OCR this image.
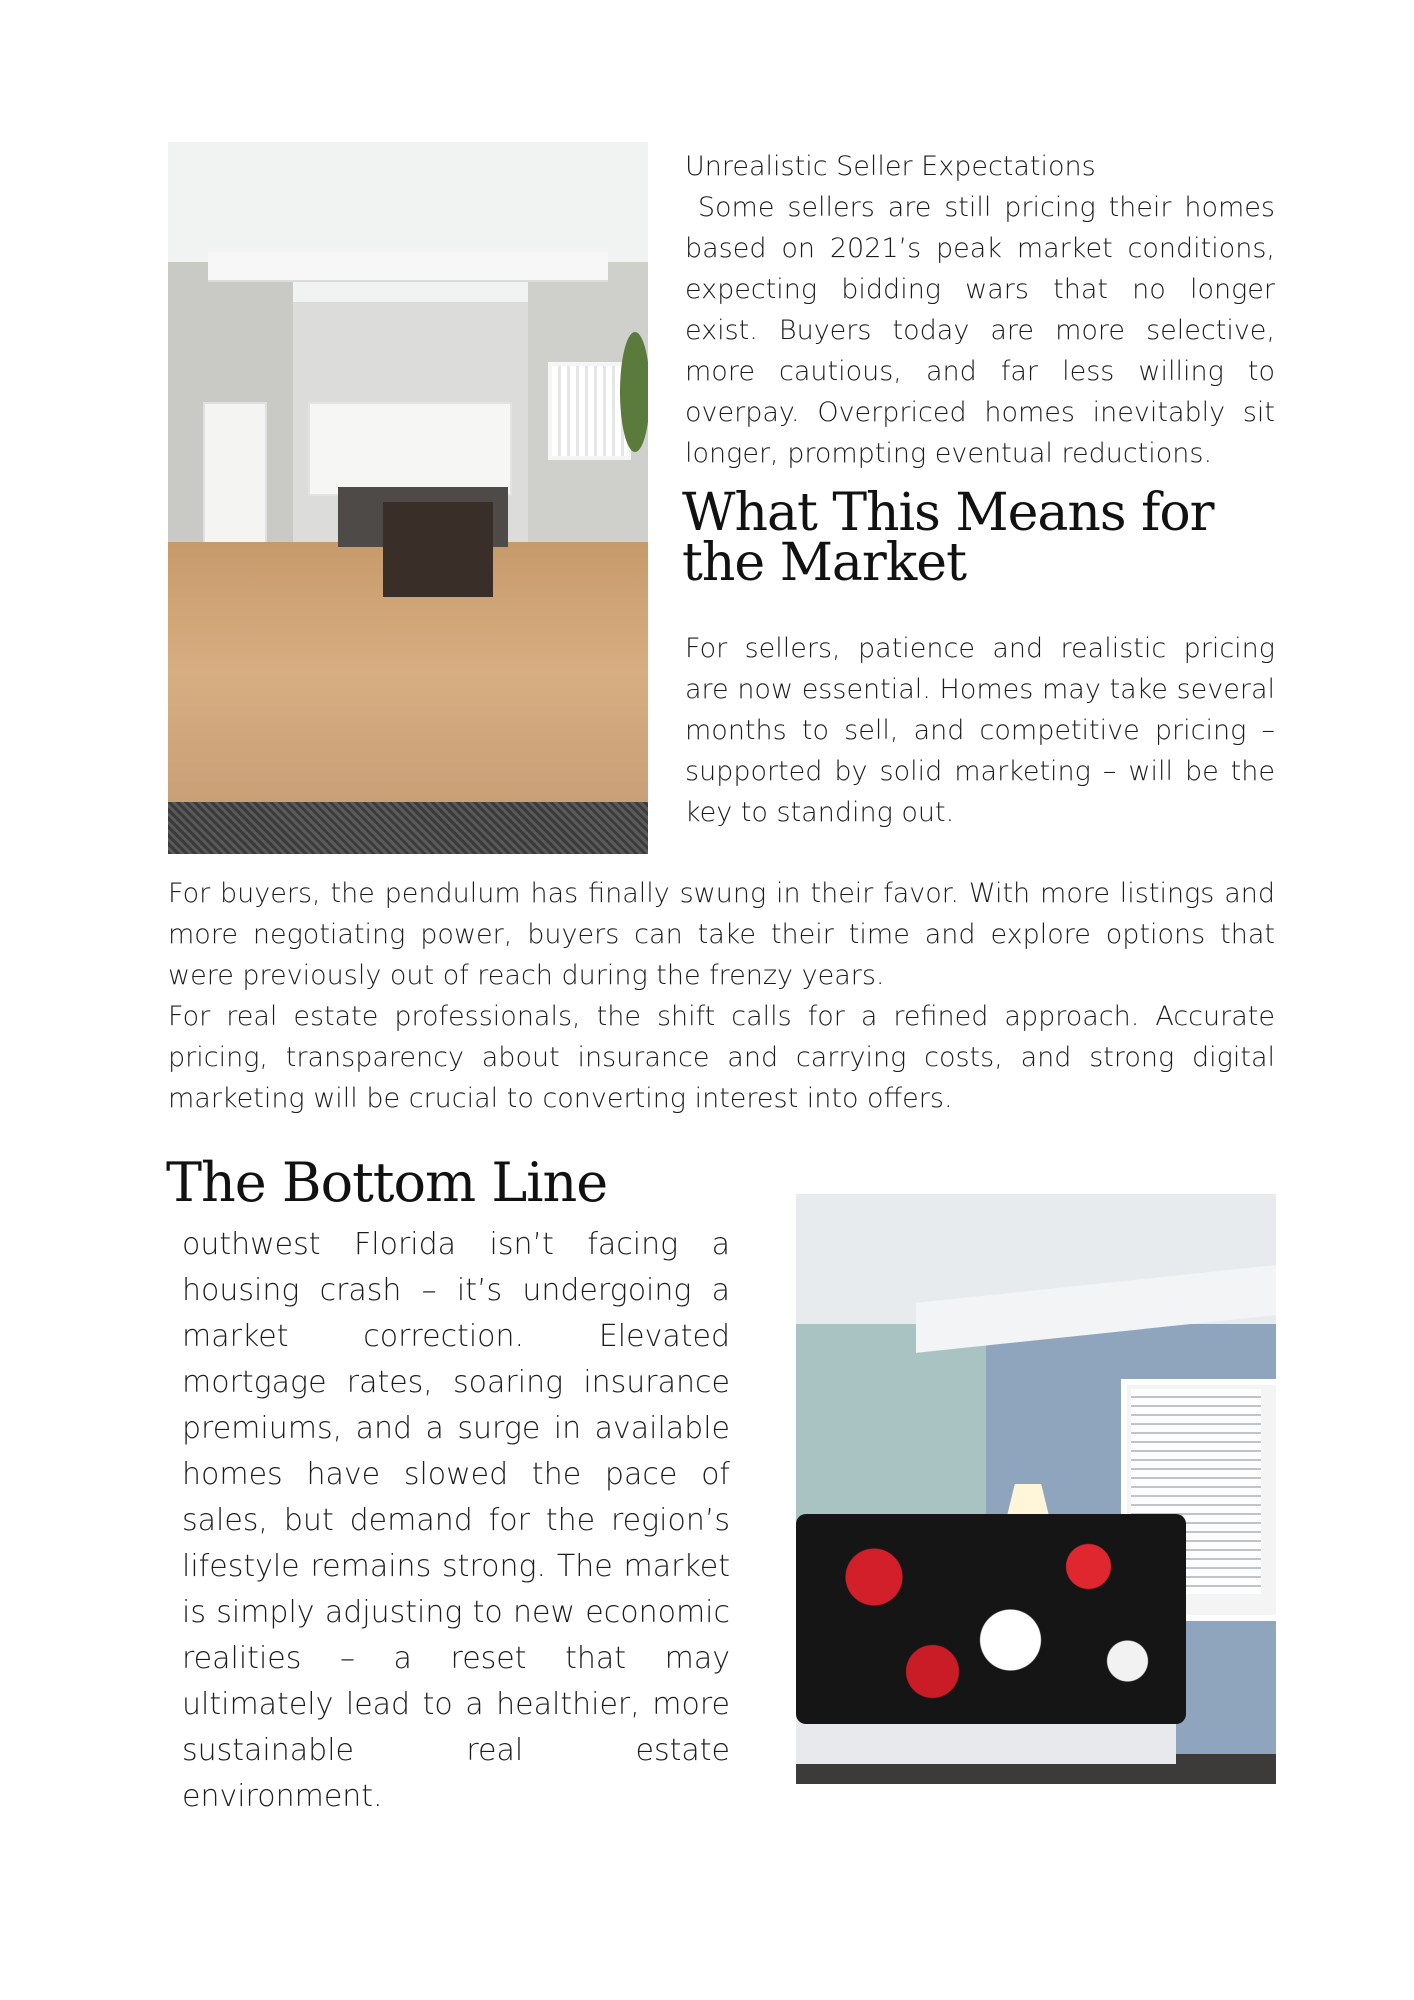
Unrealistic Seller Expectations

Some sellers are still pricing their homes based on 2021’s peak market conditions, expecting bidding wars that no longer exist. Buyers today are more selective, more cautious, and far less willing to overpay. Overpriced homes inevitably sit longer, prompting eventual reductions.

What This Means for the Market

For sellers, patience and realistic pricing are now essential. Homes may take several months to sell, and competitive pricing – supported by solid marketing – will be the key to standing out.

For buyers, the pendulum has finally swung in their favor. With more listings and more negotiating power, buyers can take their time and explore options that were previously out of reach during the frenzy years.

For real estate professionals, the shift calls for a refined approach. Accurate pricing, transparency about insurance and carrying costs, and strong digital marketing will be crucial to converting interest into offers.

The Bottom Line

outhwest Florida isn’t facing a housing crash – it’s undergoing a market correction. Elevated mortgage rates, soaring insurance premiums, and a surge in available homes have slowed the pace of sales, but demand for the region’s lifestyle remains strong. The market is simply adjusting to new economic realities – a reset that may ultimately lead to a healthier, more sustainable real estate environment.
